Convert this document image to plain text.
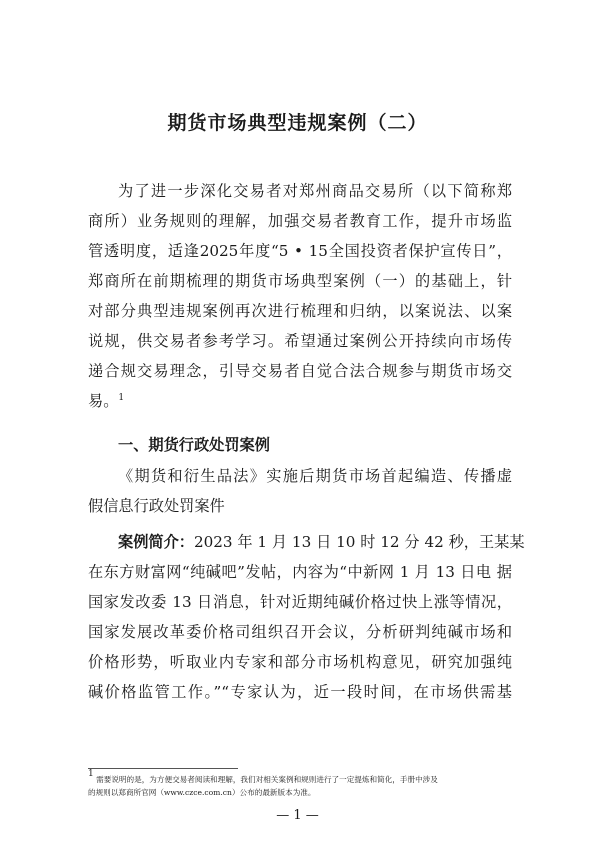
期货市场典型违规案例（二）
为了进一步深化交易者对郑州商品交易所（以下简称郑
商所）业务规则的理解，加强交易者教育工作，提升市场监
管透明度，适逢2025年度“5 • 15全国投资者保护宣传日”，
郑商所在前期梳理的期货市场典型案例（一）的基础上，针
对部分典型违规案例再次进行梳理和归纳，以案说法、以案
说规，供交易者参考学习。希望通过案例公开持续向市场传
递合规交易理念，引导交易者自觉合法合规参与期货市场交
易。$^1$
一、期货行政处罚案例
《期货和衍生品法》实施后期货市场首起编造、传播虚
假信息行政处罚案件
案例简介：2023 年 1 月 13 日 10 时 12 分 42 秒，王某某
在东方财富网“纯碱吧”发帖，内容为“中新网 1 月 13 日电 据
国家发改委 13 日消息，针对近期纯碱价格过快上涨等情况，
国家发展改革委价格司组织召开会议，分析研判纯碱市场和
价格形势，听取业内专家和部分市场机构意见，研究加强纯
碱价格监管工作。”“专家认为，近一段时间，在市场供需基
$^1$ 需要说明的是，为方便交易者阅读和理解，我们对相关案例和规则进行了一定提炼和简化，手册中涉及
的规则以郑商所官网（www.czce.com.cn）公布的最新版本为准。
— 1 —
